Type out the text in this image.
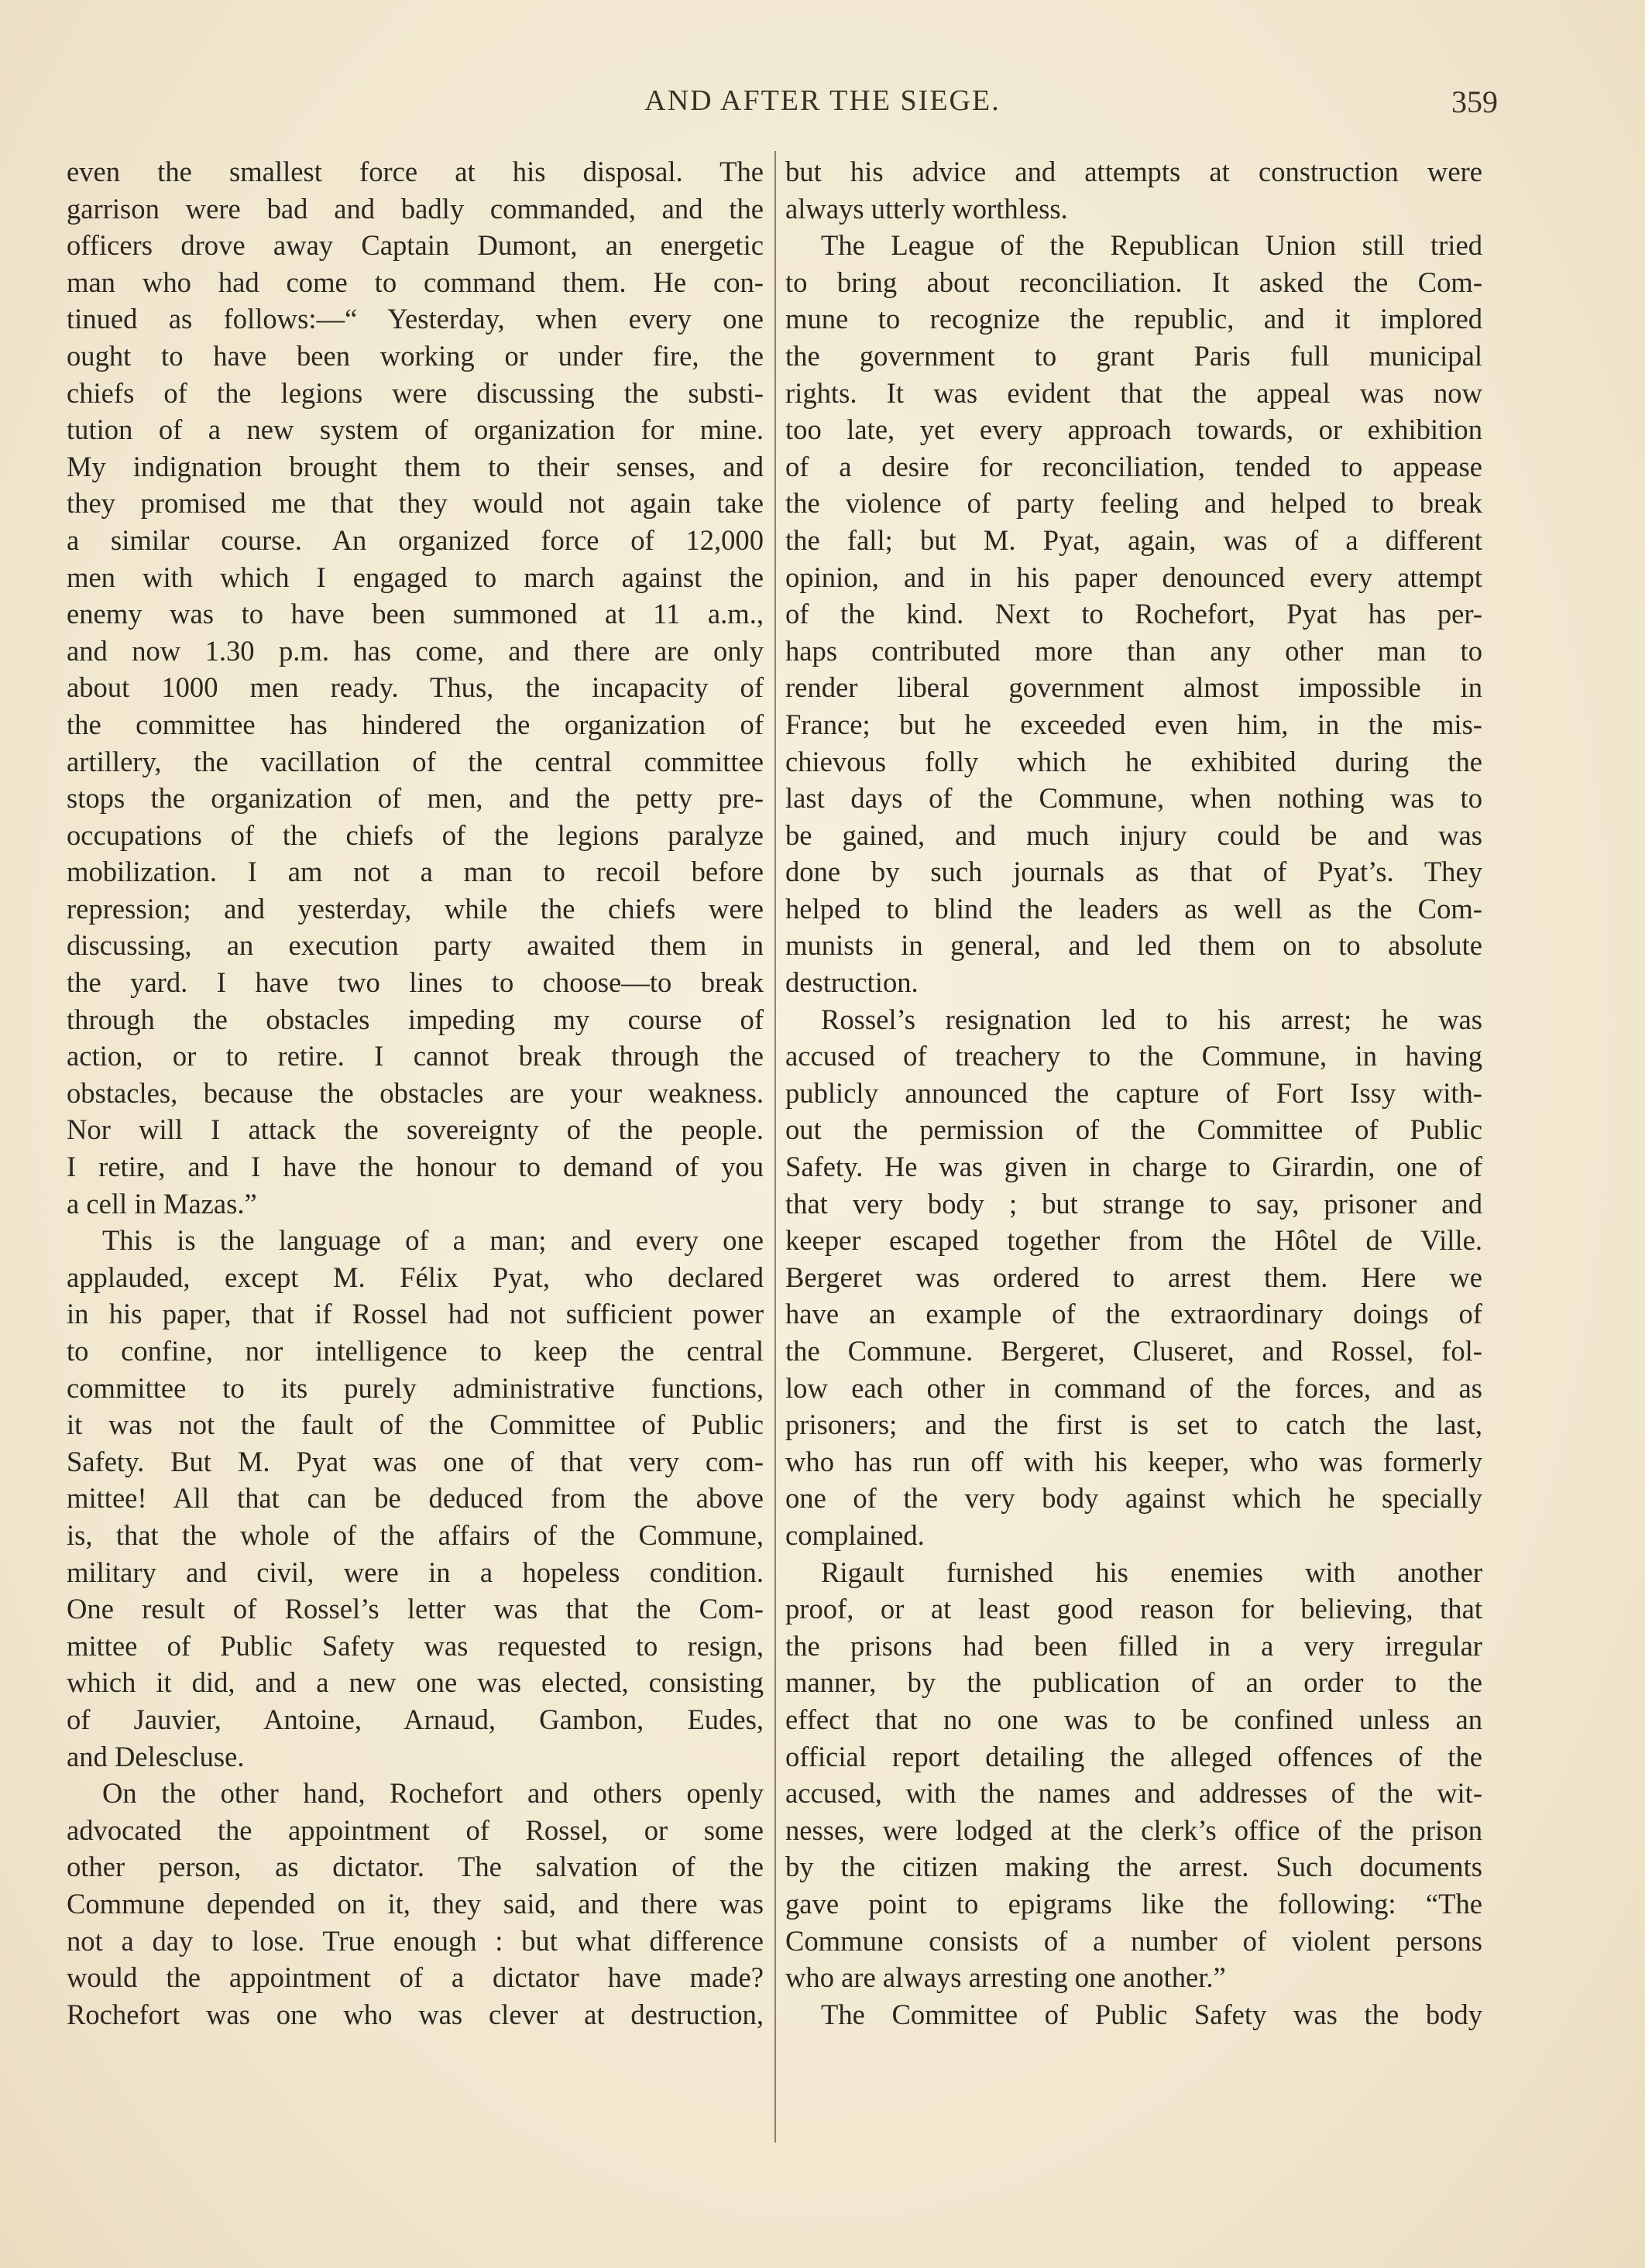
AND AFTER THE SIEGE.	359
even the smallest force at his disposal. The
garrison were bad and badly commanded, and the
officers drove away Captain Dumont, an energetic
man who had come to command them. He con-
tinued as follows:—“ Yesterday, when every one
ought to have been working or under fire, the
chiefs of the legions were discussing the substi-
tution of a new system of organization for mine.
My indignation brought them to their senses, and
they promised me that they would not again take
a similar course. An organized force of 12,000
men with which I engaged to march against the
enemy was to have been summoned at 11 a.m.,
and now 1.30 p.m. has come, and there are only
about 1000 men ready. Thus, the incapacity of
the committee has hindered the organization of
artillery, the vacillation of the central committee
stops the organization of men, and the petty pre-
occupations of the chiefs of the legions paralyze
mobilization. I am not a man to recoil before
repression; and yesterday, while the chiefs were
discussing, an execution party awaited them in
the yard. I have two lines to choose—to break
through the obstacles impeding my course of
action, or to retire. I cannot break through the
obstacles, because the obstacles are your weakness.
Nor will I attack the sovereignty of the people.
I retire, and I have the honour to demand of you
a cell in Mazas.”
This is the language of a man; and every one
applauded, except M. Félix Pyat, who declared
in his paper, that if Rossel had not sufficient power
to confine, nor intelligence to keep the central
committee to its purely administrative functions,
it was not the fault of the Committee of Public
Safety. But M. Pyat was one of that very com-
mittee! All that can be deduced from the above
is, that the whole of the affairs of the Commune,
military and civil, were in a hopeless condition.
One result of Rossel’s letter was that the Com-
mittee of Public Safety was requested to resign,
which it did, and a new one was elected, consisting
of Jauvier, Antoine, Arnaud, Gambon, Eudes,
and Delescluse.
On the other hand, Rochefort and others openly
advocated the appointment of Rossel, or some
other person, as dictator. The salvation of the
Commune depended on it, they said, and there was
not a day to lose. True enough : but what difference
would the appointment of a dictator have made?
Rochefort was one who was clever at destruction,
but his advice and attempts at construction were
always utterly worthless.
The League of the Republican Union still tried
to bring about reconciliation. It asked the Com-
mune to recognize the republic, and it implored
the government to grant Paris full municipal
rights. It was evident that the appeal was now
too late, yet every approach towards, or exhibition
of a desire for reconciliation, tended to appease
the violence of party feeling and helped to break
the fall; but M. Pyat, again, was of a different
opinion, and in his paper denounced every attempt
of the kind. Next to Rochefort, Pyat has per-
haps contributed more than any other man to
render liberal government almost impossible in
France; but he exceeded even him, in the mis-
chievous folly which he exhibited during the
last days of the Commune, when nothing was to
be gained, and much injury could be and was
done by such journals as that of Pyat’s. They
helped to blind the leaders as well as the Com-
munists in general, and led them on to absolute
destruction.
Rossel’s resignation led to his arrest; he was
accused of treachery to the Commune, in having
publicly announced the capture of Fort Issy with-
out the permission of the Committee of Public
Safety. He was given in charge to Girardin, one of
that very body ; but strange to say, prisoner and
keeper escaped together from the Hôtel de Ville.
Bergeret was ordered to arrest them. Here we
have an example of the extraordinary doings of
the Commune. Bergeret, Cluseret, and Rossel, fol-
low each other in command of the forces, and as
prisoners; and the first is set to catch the last,
who has run off with his keeper, who was formerly
one of the very body against which he specially
complained.
Rigault furnished his enemies with another
proof, or at least good reason for believing, that
the prisons had been filled in a very irregular
manner, by the publication of an order to the
effect that no one was to be confined unless an
official report detailing the alleged offences of the
accused, with the names and addresses of the wit-
nesses, were lodged at the clerk’s office of the prison
by the citizen making the arrest. Such documents
gave point to epigrams like the following: “The
Commune consists of a number of violent persons
who are always arresting one another.”
The Committee of Public Safety was the body
